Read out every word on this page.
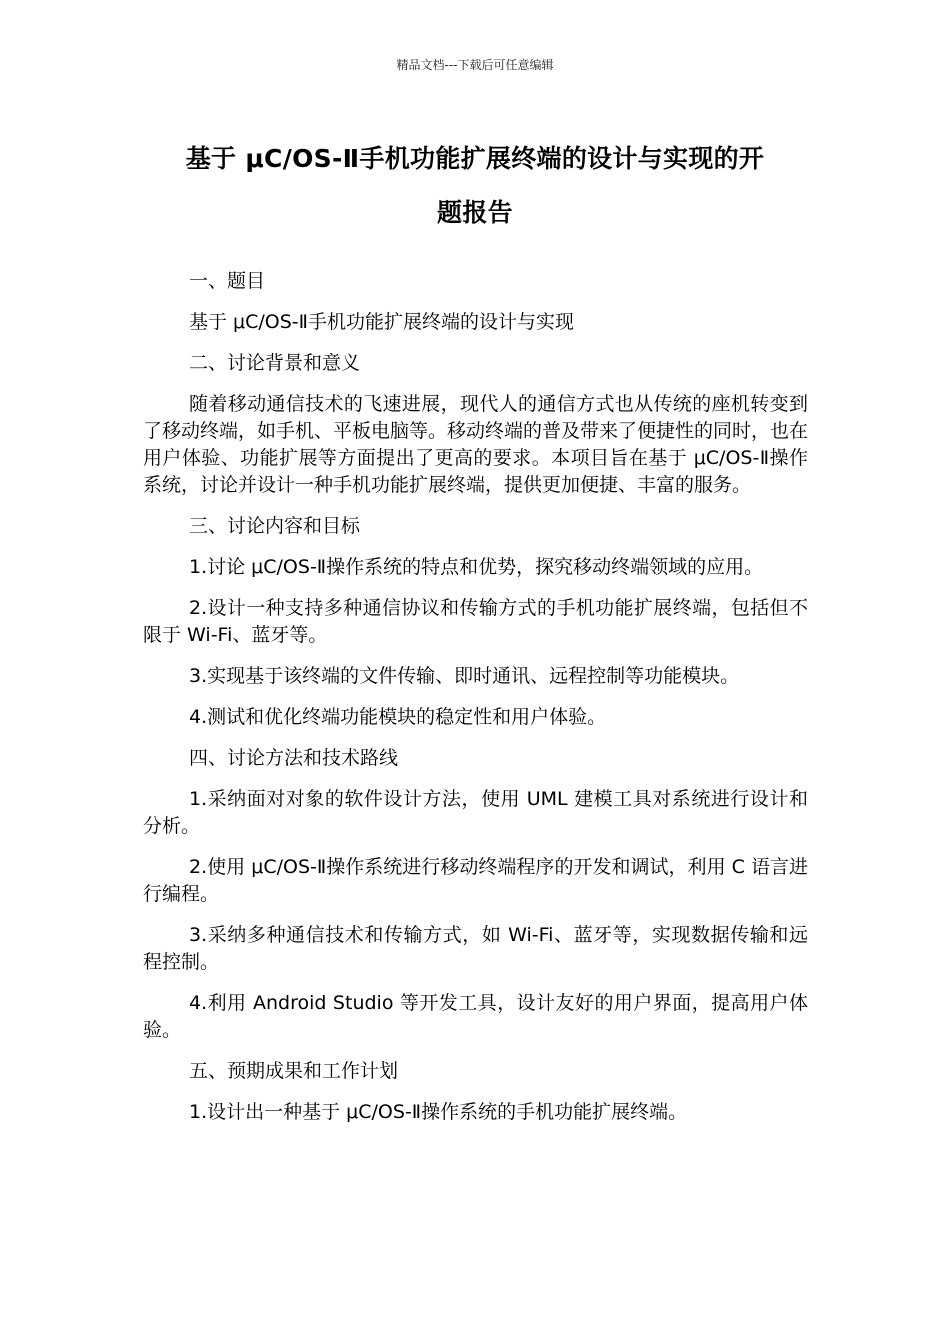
精品文档---下载后可任意编辑
基于 μC/OS-Ⅱ手机功能扩展终端的设计与实现的开
题报告

一、题目

基于 μC/OS-Ⅱ手机功能扩展终端的设计与实现

二、讨论背景和意义

随着移动通信技术的飞速进展，现代人的通信方式也从传统的座机转变到了移动终端，如手机、平板电脑等。移动终端的普及带来了便捷性的同时，也在用户体验、功能扩展等方面提出了更高的要求。本项目旨在基于 μC/OS-Ⅱ操作系统，讨论并设计一种手机功能扩展终端，提供更加便捷、丰富的服务。

三、讨论内容和目标

1.讨论 μC/OS-Ⅱ操作系统的特点和优势，探究移动终端领域的应用。

2.设计一种支持多种通信协议和传输方式的手机功能扩展终端，包括但不限于 Wi-Fi、蓝牙等。

3.实现基于该终端的文件传输、即时通讯、远程控制等功能模块。

4.测试和优化终端功能模块的稳定性和用户体验。

四、讨论方法和技术路线

1.采纳面对对象的软件设计方法，使用 UML 建模工具对系统进行设计和分析。

2.使用 μC/OS-Ⅱ操作系统进行移动终端程序的开发和调试，利用 C 语言进行编程。

3.采纳多种通信技术和传输方式，如 Wi-Fi、蓝牙等，实现数据传输和远程控制。

4.利用 Android Studio 等开发工具，设计友好的用户界面，提高用户体验。

五、预期成果和工作计划

1.设计出一种基于 μC/OS-Ⅱ操作系统的手机功能扩展终端。
